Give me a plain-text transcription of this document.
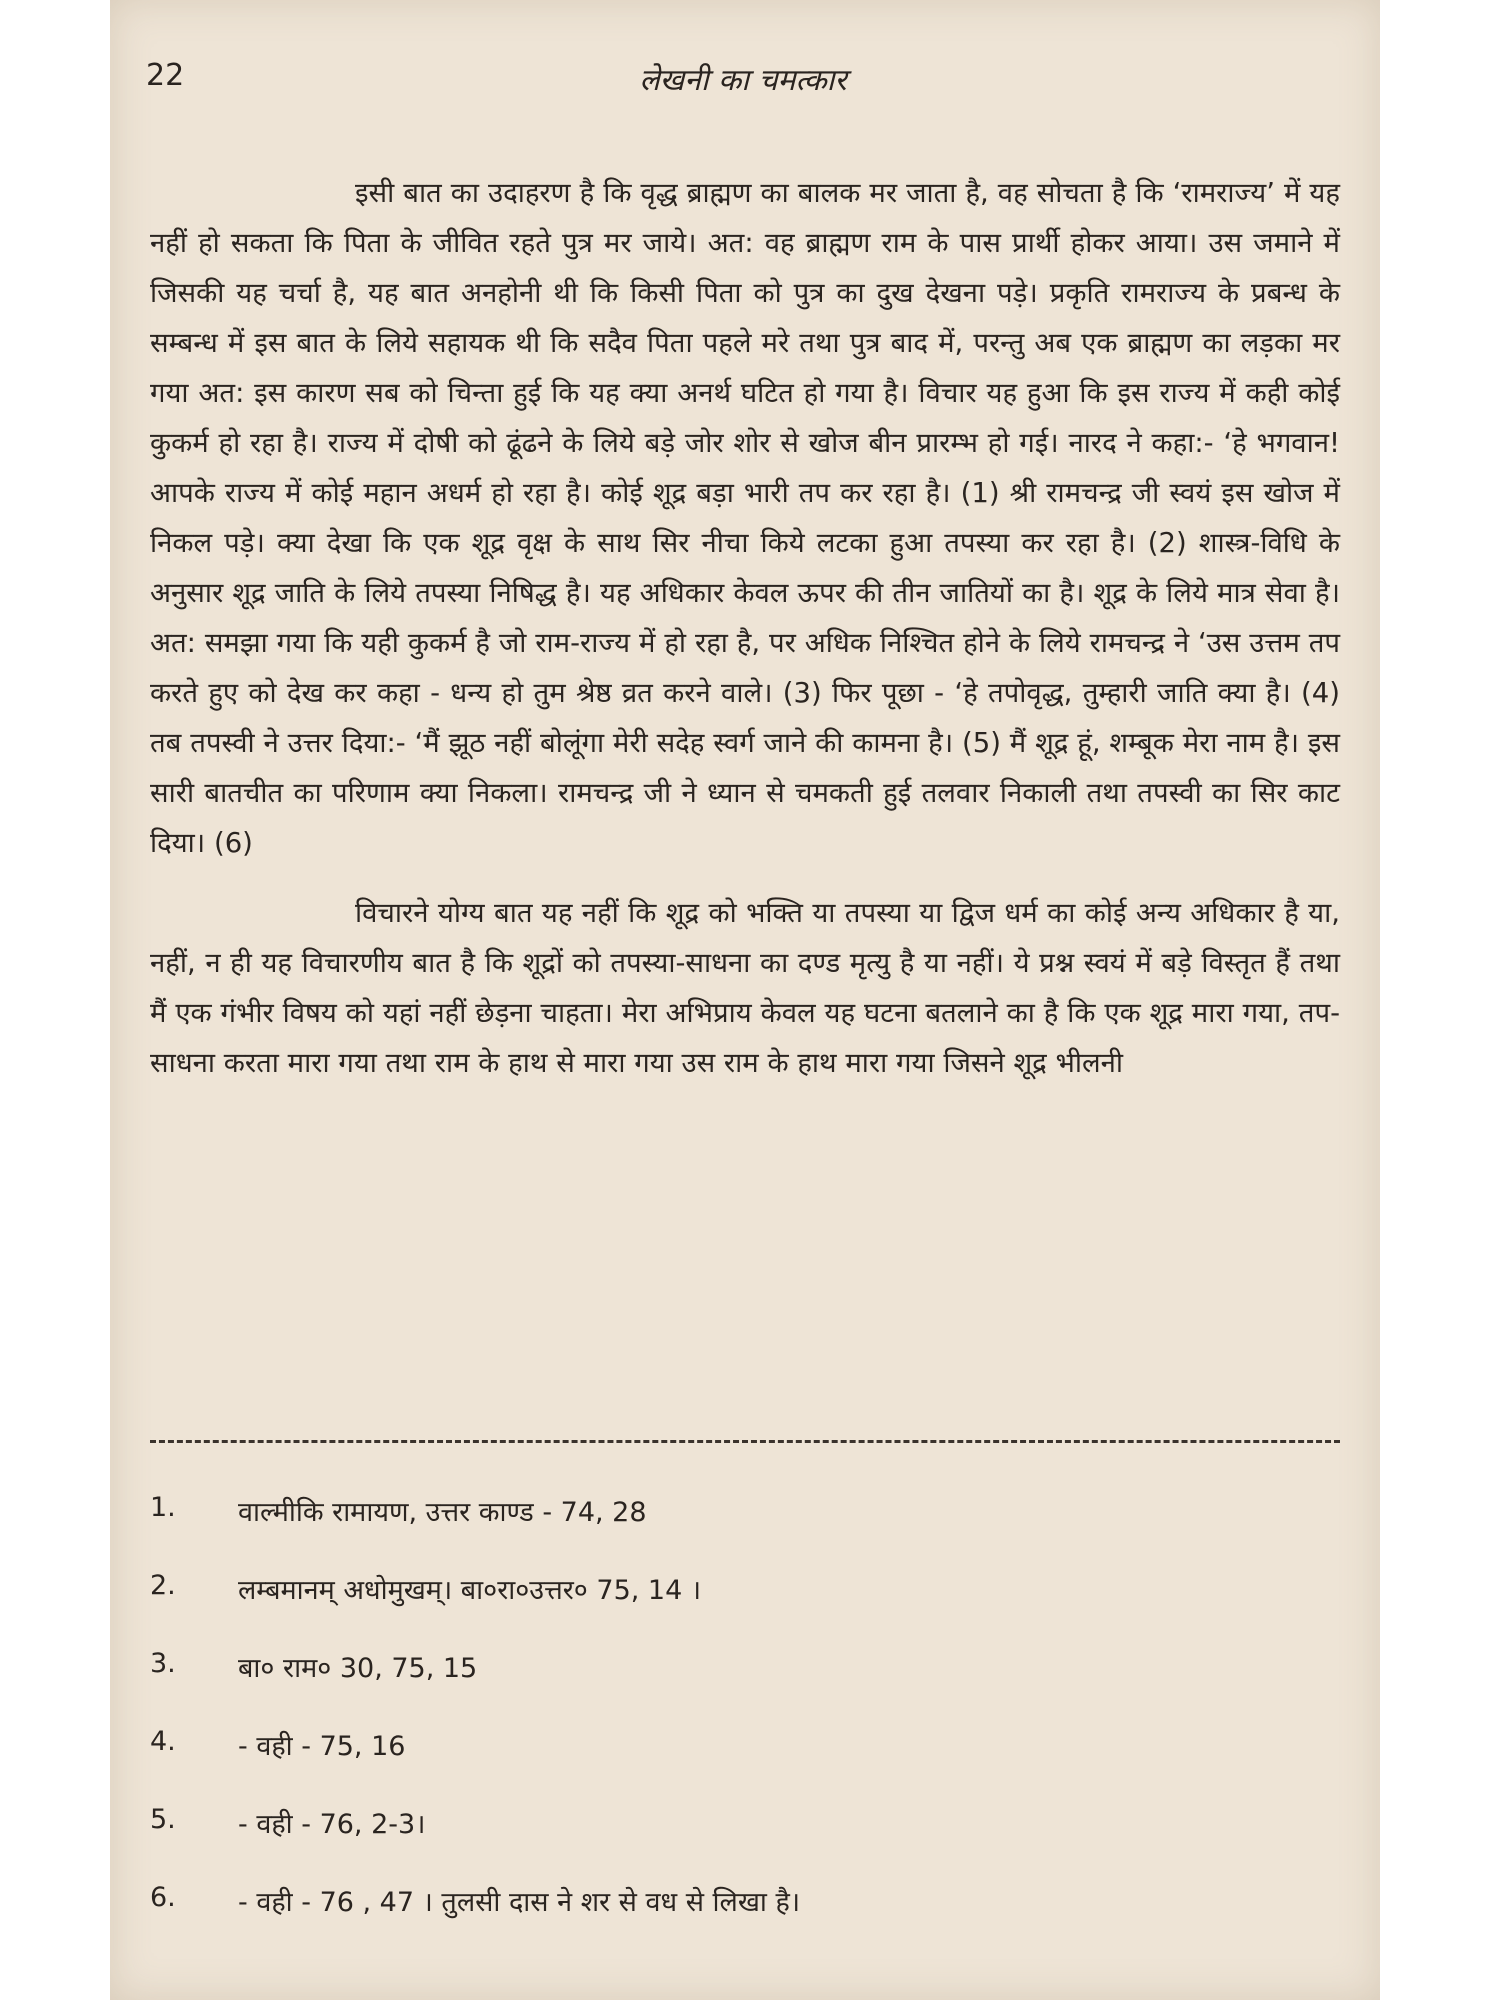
22	लेखनी का चमत्कार

इसी बात का उदाहरण है कि वृद्ध ब्राह्मण का बालक मर जाता है, वह सोचता है कि ‘रामराज्य’ में यह नहीं हो सकता कि पिता के जीवित रहते पुत्र मर जाये। अत: वह ब्राह्मण राम के पास प्रार्थी होकर आया। उस जमाने में जिसकी यह चर्चा है, यह बात अनहोनी थी कि किसी पिता को पुत्र का दुख देखना पड़े। प्रकृति रामराज्य के प्रबन्ध के सम्बन्ध में इस बात के लिये सहायक थी कि सदैव पिता पहले मरे तथा पुत्र बाद में, परन्तु अब एक ब्राह्मण का लड़का मर गया अत: इस कारण सब को चिन्ता हुई कि यह क्या अनर्थ घटित हो गया है। विचार यह हुआ कि इस राज्य में कही कोई कुकर्म हो रहा है। राज्य में दोषी को ढूंढने के लिये बड़े जोर शोर से खोज बीन प्रारम्भ हो गई। नारद ने कहा:- ‘हे भगवान! आपके राज्य में कोई महान अधर्म हो रहा है। कोई शूद्र बड़ा भारी तप कर रहा है। (1) श्री रामचन्द्र जी स्वयं इस खोज में निकल पड़े। क्या देखा कि एक शूद्र वृक्ष के साथ सिर नीचा किये लटका हुआ तपस्या कर रहा है। (2) शास्त्र-विधि के अनुसार शूद्र जाति के लिये तपस्या निषिद्ध है। यह अधिकार केवल ऊपर की तीन जातियों का है। शूद्र के लिये मात्र सेवा है। अत: समझा गया कि यही कुकर्म है जो राम-राज्य में हो रहा है, पर अधिक निश्चित होने के लिये रामचन्द्र ने ‘उस उत्तम तप करते हुए को देख कर कहा - धन्य हो तुम श्रेष्ठ व्रत करने वाले। (3) फिर पूछा - ‘हे तपोवृद्ध, तुम्हारी जाति क्या है। (4) तब तपस्वी ने उत्तर दिया:- ‘मैं झूठ नहीं बोलूंगा मेरी सदेह स्वर्ग जाने की कामना है। (5) मैं शूद्र हूं, शम्बूक मेरा नाम है। इस सारी बातचीत का परिणाम क्या निकला। रामचन्द्र जी ने ध्यान से चमकती हुई तलवार निकाली तथा तपस्वी का सिर काट दिया। (6)

विचारने योग्य बात यह नहीं कि शूद्र को भक्ति या तपस्या या द्विज धर्म का कोई अन्य अधिकार है या, नहीं, न ही यह विचारणीय बात है कि शूद्रों को तपस्या-साधना का दण्ड मृत्यु है या नहीं। ये प्रश्न स्वयं में बड़े विस्तृत हैं तथा मैं एक गंभीर विषय को यहां नहीं छेड़ना चाहता। मेरा अभिप्राय केवल यह घटना बतलाने का है कि एक शूद्र मारा गया, तप-साधना करता मारा गया तथा राम के हाथ से मारा गया उस राम के हाथ मारा गया जिसने शूद्र भीलनी

1. वाल्मीकि रामायण, उत्तर काण्ड - 74, 28
2. लम्बमानम् अधोमुखम्। बा०रा०उत्तर० 75, 14 ।
3. बा० राम० 30, 75, 15
4. - वही - 75, 16
5. - वही - 76, 2-3।
6. - वही - 76 , 47 । तुलसी दास ने शर से वध से लिखा है।
